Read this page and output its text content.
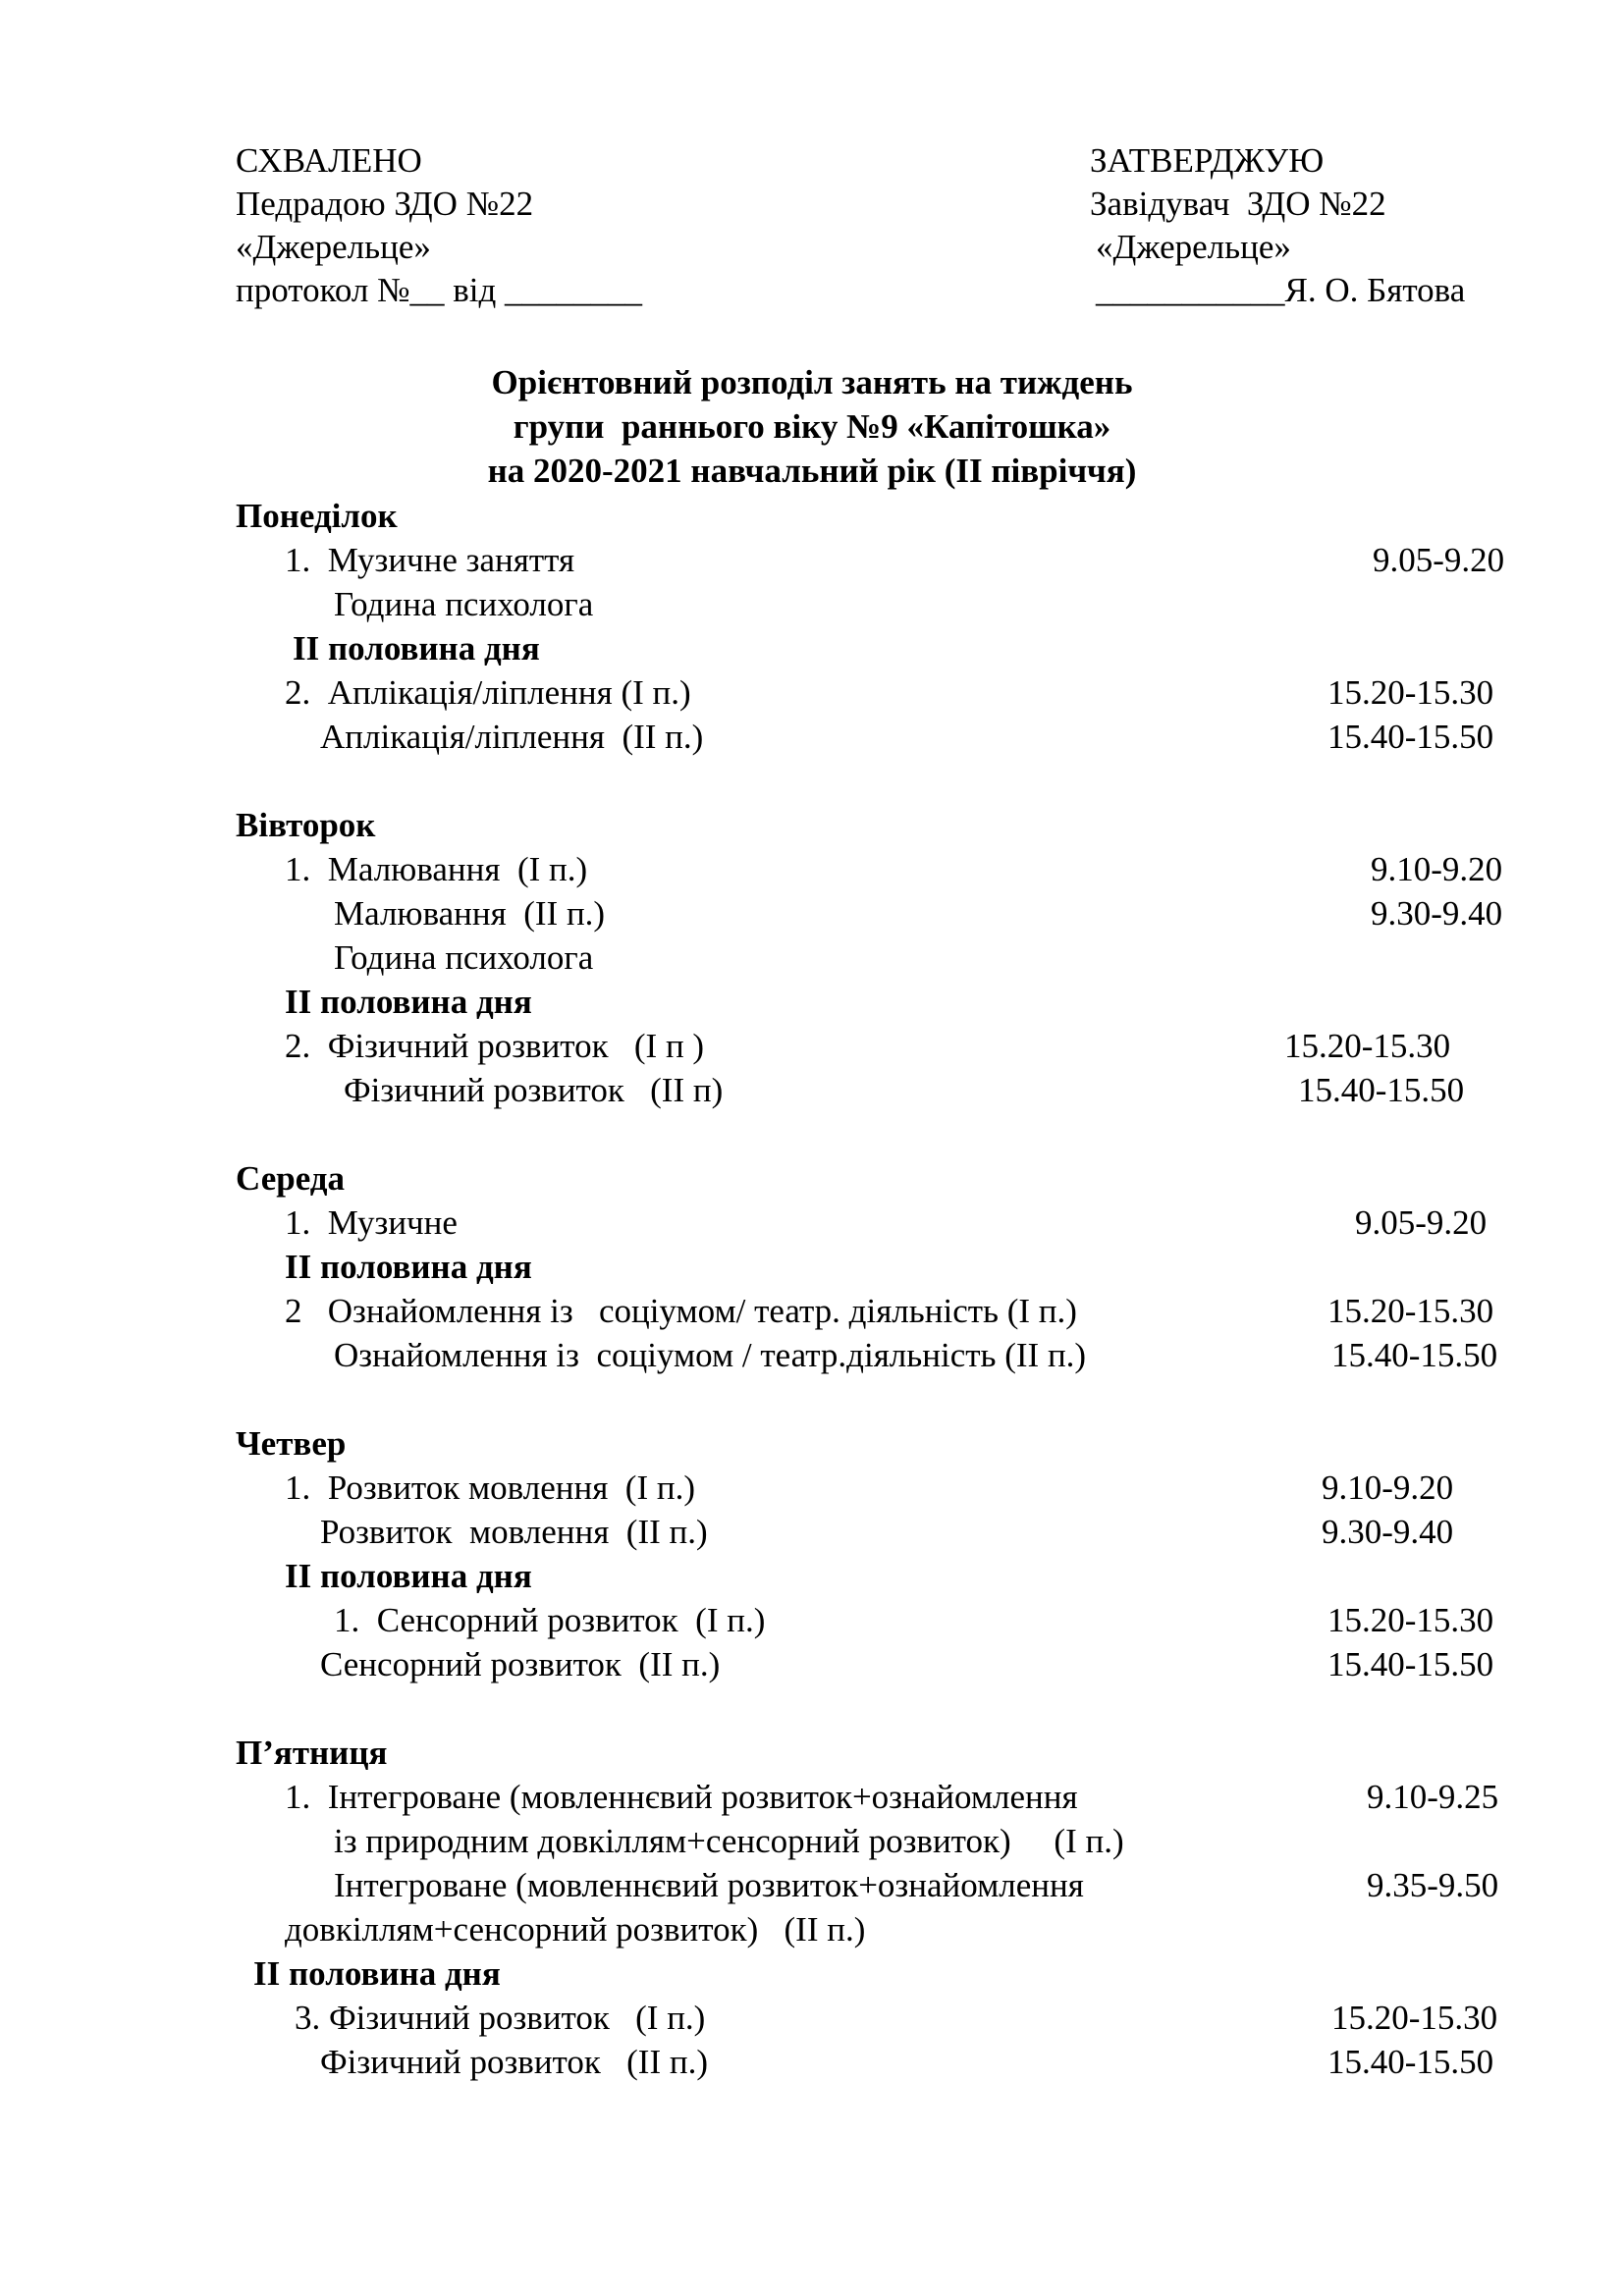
СХВАЛЕНО
Педрадою ЗДО №22
«Джерельце»
протокол №__ від ________
ЗАТВЕРДЖУЮ
Завідувач  ЗДО №22
«Джерельце»
___________Я. О. Бятова
Орієнтовний розподіл занять на тиждень
групи  раннього віку №9 «Капітошка»
на 2020-2021 навчальний рік (ІІ півріччя)
Понеділок
1.  Музичне заняття	9.05-9.20
Година психолога
ІІ половина дня
2.  Аплікація/ліплення (І п.)	15.20-15.30
Аплікація/ліплення  (ІІ п.)	15.40-15.50
Вівторок
1.  Малювання  (І п.)	9.10-9.20
Малювання  (ІІ п.)	9.30-9.40
Година психолога
ІІ половина дня
2.  Фізичний розвиток   (І п )	15.20-15.30
Фізичний розвиток   (ІІ п)	15.40-15.50
Середа
1.  Музичне	9.05-9.20
ІІ половина дня
2   Ознайомлення із   соціумом/ театр. діяльність (І п.)	15.20-15.30
Ознайомлення із  соціумом / театр.діяльність (ІІ п.)	15.40-15.50
Четвер
1.  Розвиток мовлення  (І п.)	9.10-9.20
Розвиток  мовлення  (ІІ п.)	9.30-9.40
ІІ половина дня
1.  Сенсорний розвиток  (І п.)	15.20-15.30
Сенсорний розвиток  (ІІ п.)	15.40-15.50
П’ятниця
1.  Інтегроване (мовленнєвий розвиток+ознайомлення	9.10-9.25
із природним довкіллям+сенсорний розвиток)     (І п.)
Інтегроване (мовленнєвий розвиток+ознайомлення	9.35-9.50
довкіллям+сенсорний розвиток)   (ІІ п.)
ІІ половина дня
3. Фізичний розвиток   (І п.)	15.20-15.30
Фізичний розвиток   (ІІ п.)	15.40-15.50
